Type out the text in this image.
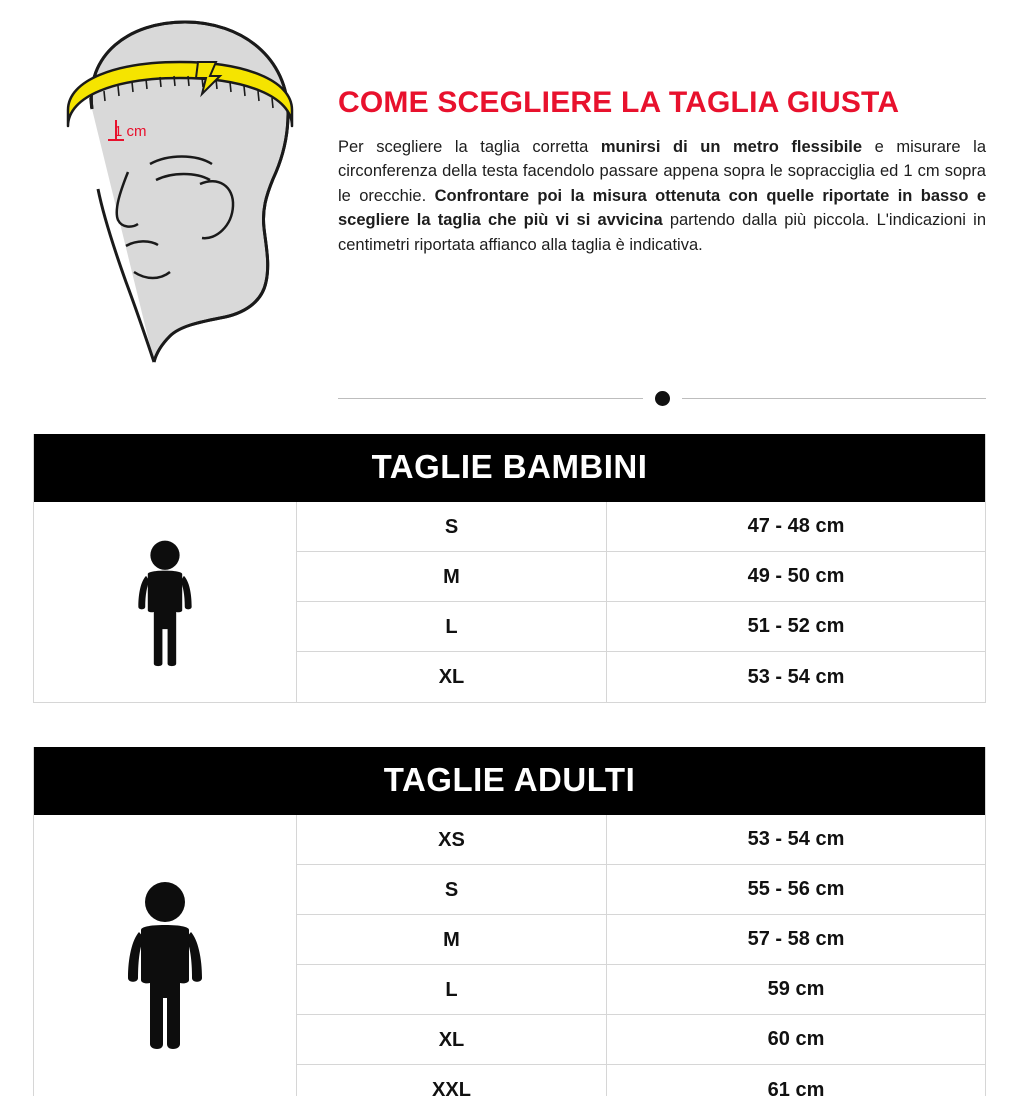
1 cm
COME SCEGLIERE LA TAGLIA GIUSTA

Per scegliere la taglia corretta munirsi di un metro flessibile e misurare la circonferenza della testa facendolo passare appena sopra le sopracciglia ed 1 cm sopra le orecchie. Confrontare poi la misura ottenuta con quelle riportate in basso e scegliere la taglia che più vi si avvicina partendo dalla più piccola. L'indicazioni in centimetri riportata affianco alla taglia è indicativa.

TAGLIE BAMBINI
S	47 - 48 cm
M	49 - 50 cm
L	51 - 52 cm
XL	53 - 54 cm
TAGLIE ADULTI
XS	53 - 54 cm
S	55 - 56 cm
M	57 - 58 cm
L	59 cm
XL	60 cm
XXL	61 cm
